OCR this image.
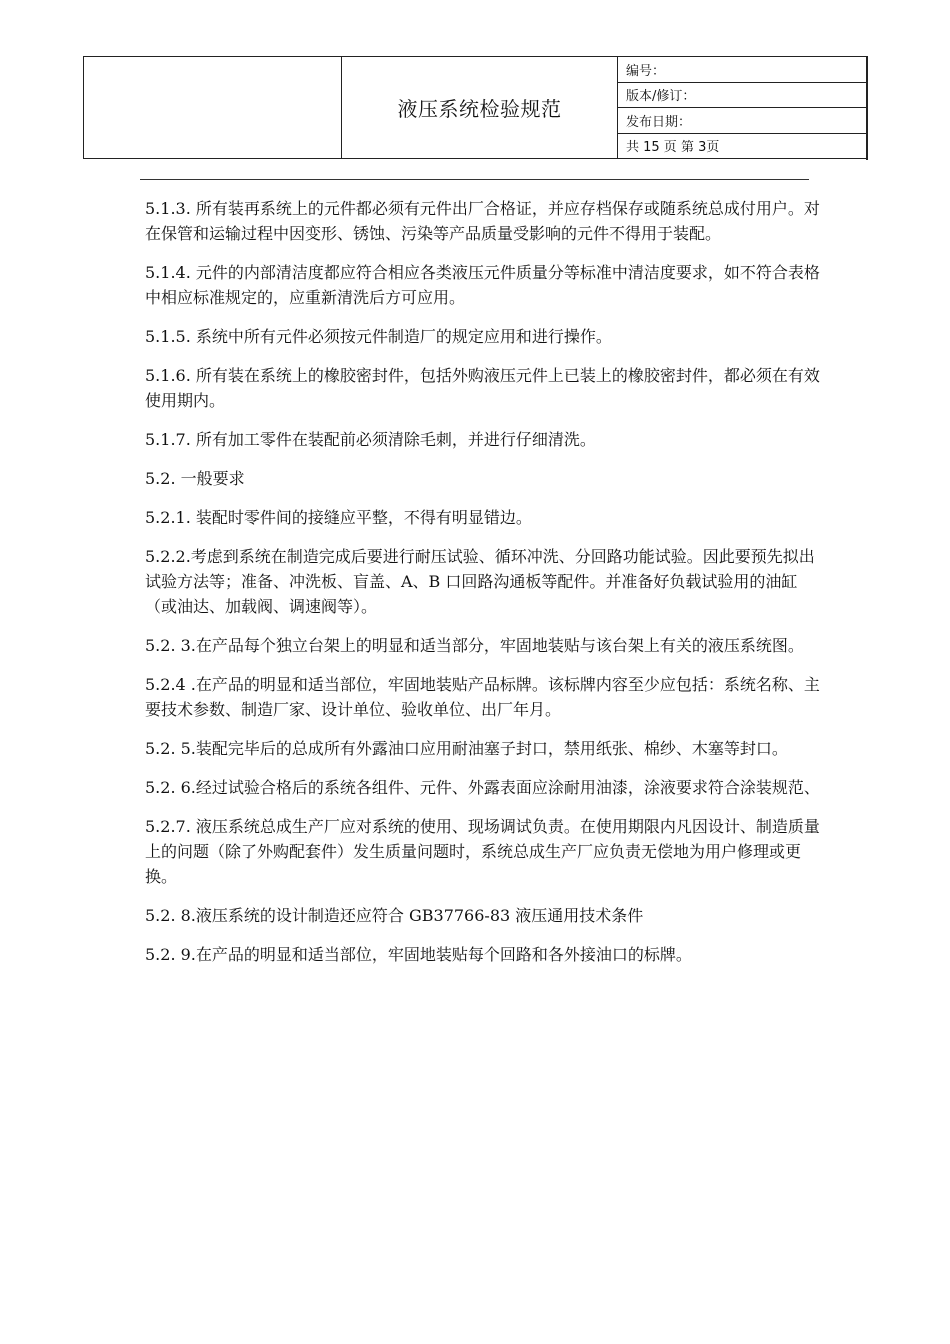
	液压系统检验规范	编号：
版本/修订：
发布日期：
共 15 页 第 3页

5.1.3. 所有装再系统上的元件都必须有元件出厂合格证，并应存档保存或随系统总成付用户。对在保管和运输过程中因变形、锈蚀、污染等产品质量受影响的元件不得用于装配。

5.1.4. 元件的内部清洁度都应符合相应各类液压元件质量分等标准中清洁度要求，如不符合表格中相应标准规定的，应重新清洗后方可应用。

5.1.5. 系统中所有元件必须按元件制造厂的规定应用和进行操作。

5.1.6. 所有装在系统上的橡胶密封件，包括外购液压元件上已装上的橡胶密封件，都必须在有效使用期内。

5.1.7. 所有加工零件在装配前必须清除毛刺，并进行仔细清洗。

5.2. 一般要求

5.2.1. 装配时零件间的接缝应平整，不得有明显错边。

5.2.2.考虑到系统在制造完成后要进行耐压试验、循环冲洗、分回路功能试验。因此要预先拟出试验方法等；准备、冲洗板、盲盖、A、B 口回路沟通板等配件。并准备好负载试验用的油缸（或油达、加载阀、调速阀等）。

5.2. 3.在产品每个独立台架上的明显和适当部分，牢固地装贴与该台架上有关的液压系统图。

5.2.4 .在产品的明显和适当部位，牢固地装贴产品标牌。该标牌内容至少应包括：系统名称、主要技术参数、制造厂家、设计单位、验收单位、出厂年月。

5.2. 5.装配完毕后的总成所有外露油口应用耐油塞子封口，禁用纸张、棉纱、木塞等封口。

5.2. 6.经过试验合格后的系统各组件、元件、外露表面应涂耐用油漆，涂液要求符合涂装规范、

5.2.7. 液压系统总成生产厂应对系统的使用、现场调试负责。在使用期限内凡因设计、制造质量上的问题（除了外购配套件）发生质量问题时，系统总成生产厂应负责无偿地为用户修理或更换。

5.2. 8.液压系统的设计制造还应符合 GB37766-83 液压通用技术条件

5.2. 9.在产品的明显和适当部位，牢固地装贴每个回路和各外接油口的标牌。
